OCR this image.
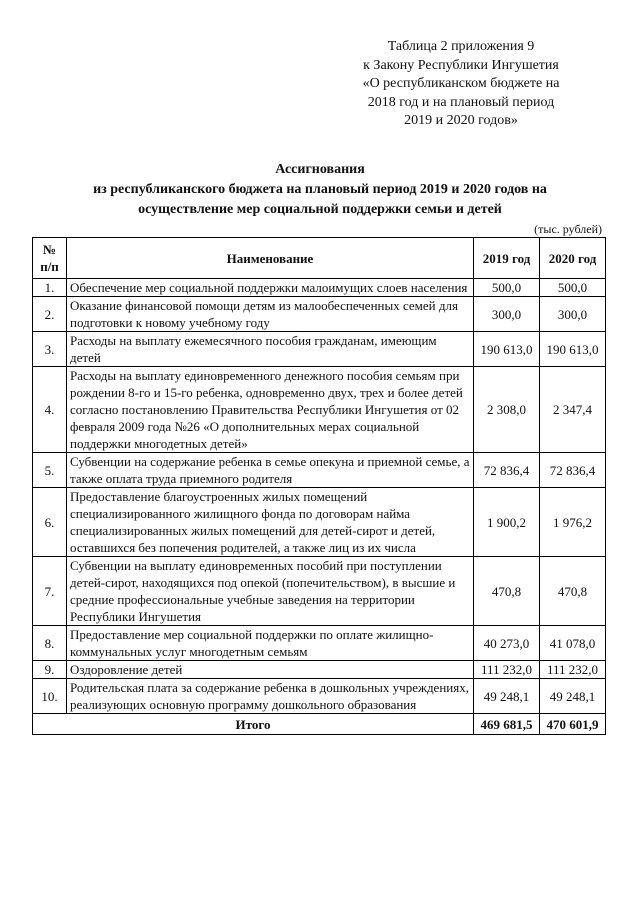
Таблица 2 приложения 9
к Закону Республики Ингушетия
«О республиканском бюджете на
2018 год и на плановый период
2019 и 2020 годов»
Ассигнования
из республиканского бюджета на плановый период 2019 и 2020 годов на
осуществление мер социальной поддержки семьи и детей
(тыс. рублей)
№
п/п	Наименование	2019 год	2020 год
1.	Обеспечение мер социальной поддержки малоимущих слоев населения	500,0	500,0
2.	Оказание финансовой помощи детям из малообеспеченных семей для подготовки к новому учебному году	300,0	300,0
3.	Расходы на выплату ежемесячного пособия гражданам, имеющим детей	190 613,0	190 613,0
4.	Расходы на выплату единовременного денежного пособия семьям при рождении 8-го и 15-го ребенка, одновременно двух, трех и более детей согласно постановлению Правительства Республики Ингушетия от 02 февраля 2009 года №26 «О дополнительных мерах социальной поддержки многодетных детей»	2 308,0	2 347,4
5.	Субвенции на содержание ребенка в семье опекуна и приемной семье, а также оплата труда приемного родителя	72 836,4	72 836,4
6.	Предоставление благоустроенных жилых помещений специализированного жилищного фонда по договорам найма специализированных жилых помещений для детей-сирот и детей, оставшихся без попечения родителей, а также лиц из их числа	1 900,2	1 976,2
7.	Субвенции на выплату единовременных пособий при поступлении детей-сирот, находящихся под опекой (попечительством), в высшие и средние профессиональные учебные заведения на территории Республики Ингушетия	470,8	470,8
8.	Предоставление мер социальной поддержки по оплате жилищно-коммунальных услуг многодетным семьям	40 273,0	41 078,0
9.	Оздоровление детей	111 232,0	111 232,0
10.	Родительская плата за содержание ребенка в дошкольных учреждениях, реализующих основную программу дошкольного образования	49 248,1	49 248,1
Итого		469 681,5	470 601,9
